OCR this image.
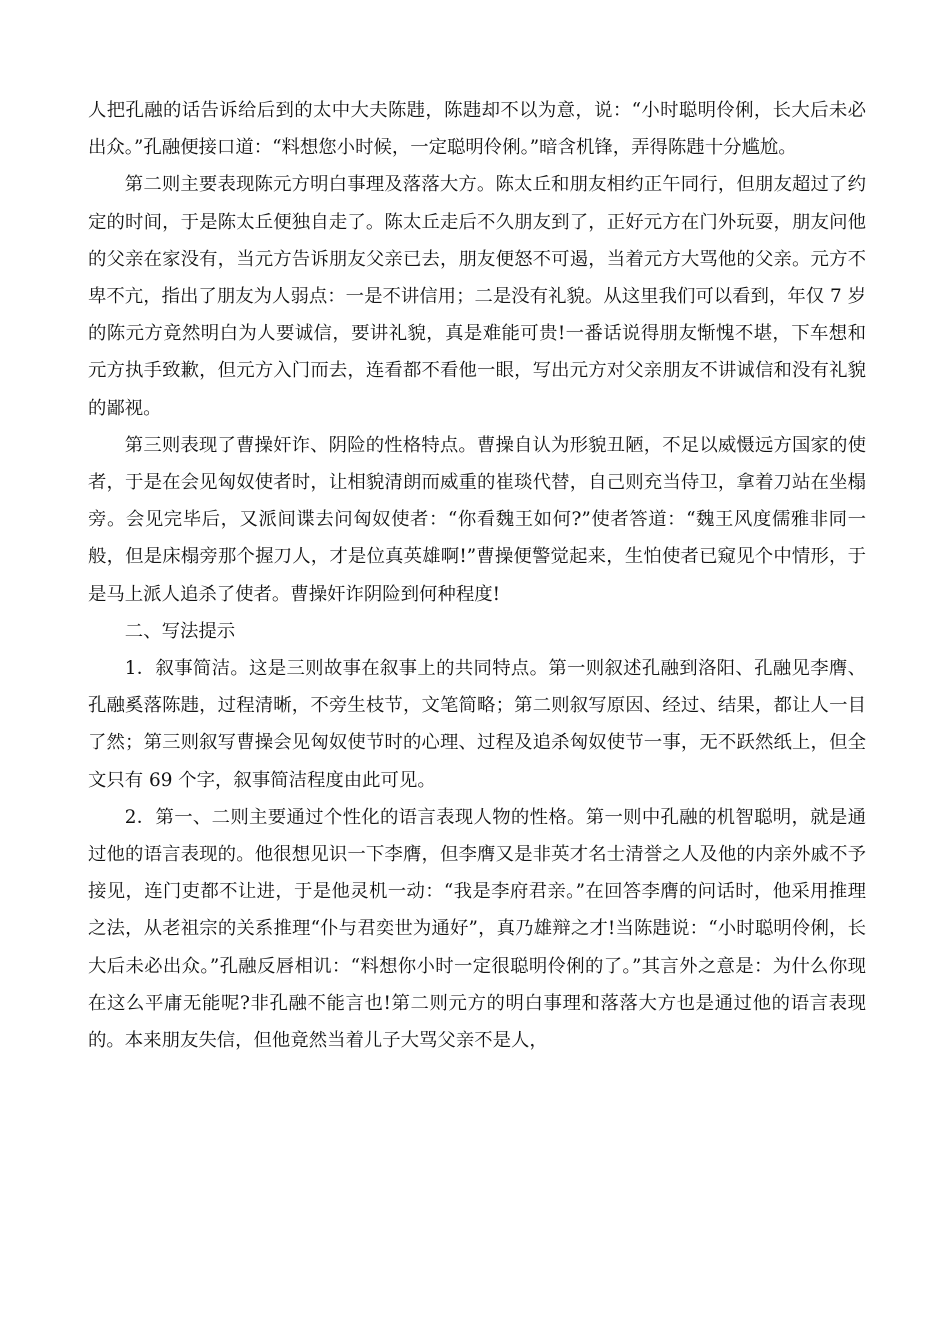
人把孔融的话告诉给后到的太中大夫陈韪，陈韪却不以为意，说：“小时聪明伶俐，长大后未必出众。”孔融便接口道：“料想您小时候，一定聪明伶俐。”暗含机锋，弄得陈韪十分尴尬。

第二则主要表现陈元方明白事理及落落大方。陈太丘和朋友相约正午同行，但朋友超过了约定的时间，于是陈太丘便独自走了。陈太丘走后不久朋友到了，正好元方在门外玩耍，朋友问他的父亲在家没有，当元方告诉朋友父亲已去，朋友便怒不可遏，当着元方大骂他的父亲。元方不卑不亢，指出了朋友为人弱点：一是不讲信用；二是没有礼貌。从这里我们可以看到，年仅 7 岁的陈元方竟然明白为人要诚信，要讲礼貌，真是难能可贵!一番话说得朋友惭愧不堪，下车想和元方执手致歉，但元方入门而去，连看都不看他一眼，写出元方对父亲朋友不讲诚信和没有礼貌的鄙视。

第三则表现了曹操奸诈、阴险的性格特点。曹操自认为形貌丑陋，不足以威慑远方国家的使者，于是在会见匈奴使者时，让相貌清朗而威重的崔琰代替，自己则充当侍卫，拿着刀站在坐榻旁。会见完毕后，又派间谍去问匈奴使者：“你看魏王如何?”使者答道：“魏王风度儒雅非同一般，但是床榻旁那个握刀人，才是位真英雄啊!”曹操便警觉起来，生怕使者已窥见个中情形，于是马上派人追杀了使者。曹操奸诈阴险到何种程度!

二、写法提示

1．叙事简洁。这是三则故事在叙事上的共同特点。第一则叙述孔融到洛阳、孔融见李膺、孔融奚落陈韪，过程清晰，不旁生枝节，文笔简略；第二则叙写原因、经过、结果，都让人一目了然；第三则叙写曹操会见匈奴使节时的心理、过程及追杀匈奴使节一事，无不跃然纸上，但全文只有 69 个字，叙事简洁程度由此可见。

2．第一、二则主要通过个性化的语言表现人物的性格。第一则中孔融的机智聪明，就是通过他的语言表现的。他很想见识一下李膺，但李膺又是非英才名士清誉之人及他的内亲外戚不予接见，连门吏都不让进，于是他灵机一动：“我是李府君亲。”在回答李膺的问话时，他采用推理之法，从老祖宗的关系推理“仆与君奕世为通好”，真乃雄辩之才!当陈韪说：“小时聪明伶俐，长大后未必出众。”孔融反唇相讥：“料想你小时一定很聪明伶俐的了。”其言外之意是：为什么你现在这么平庸无能呢?非孔融不能言也!第二则元方的明白事理和落落大方也是通过他的语言表现的。本来朋友失信，但他竟然当着儿子大骂父亲不是人，
